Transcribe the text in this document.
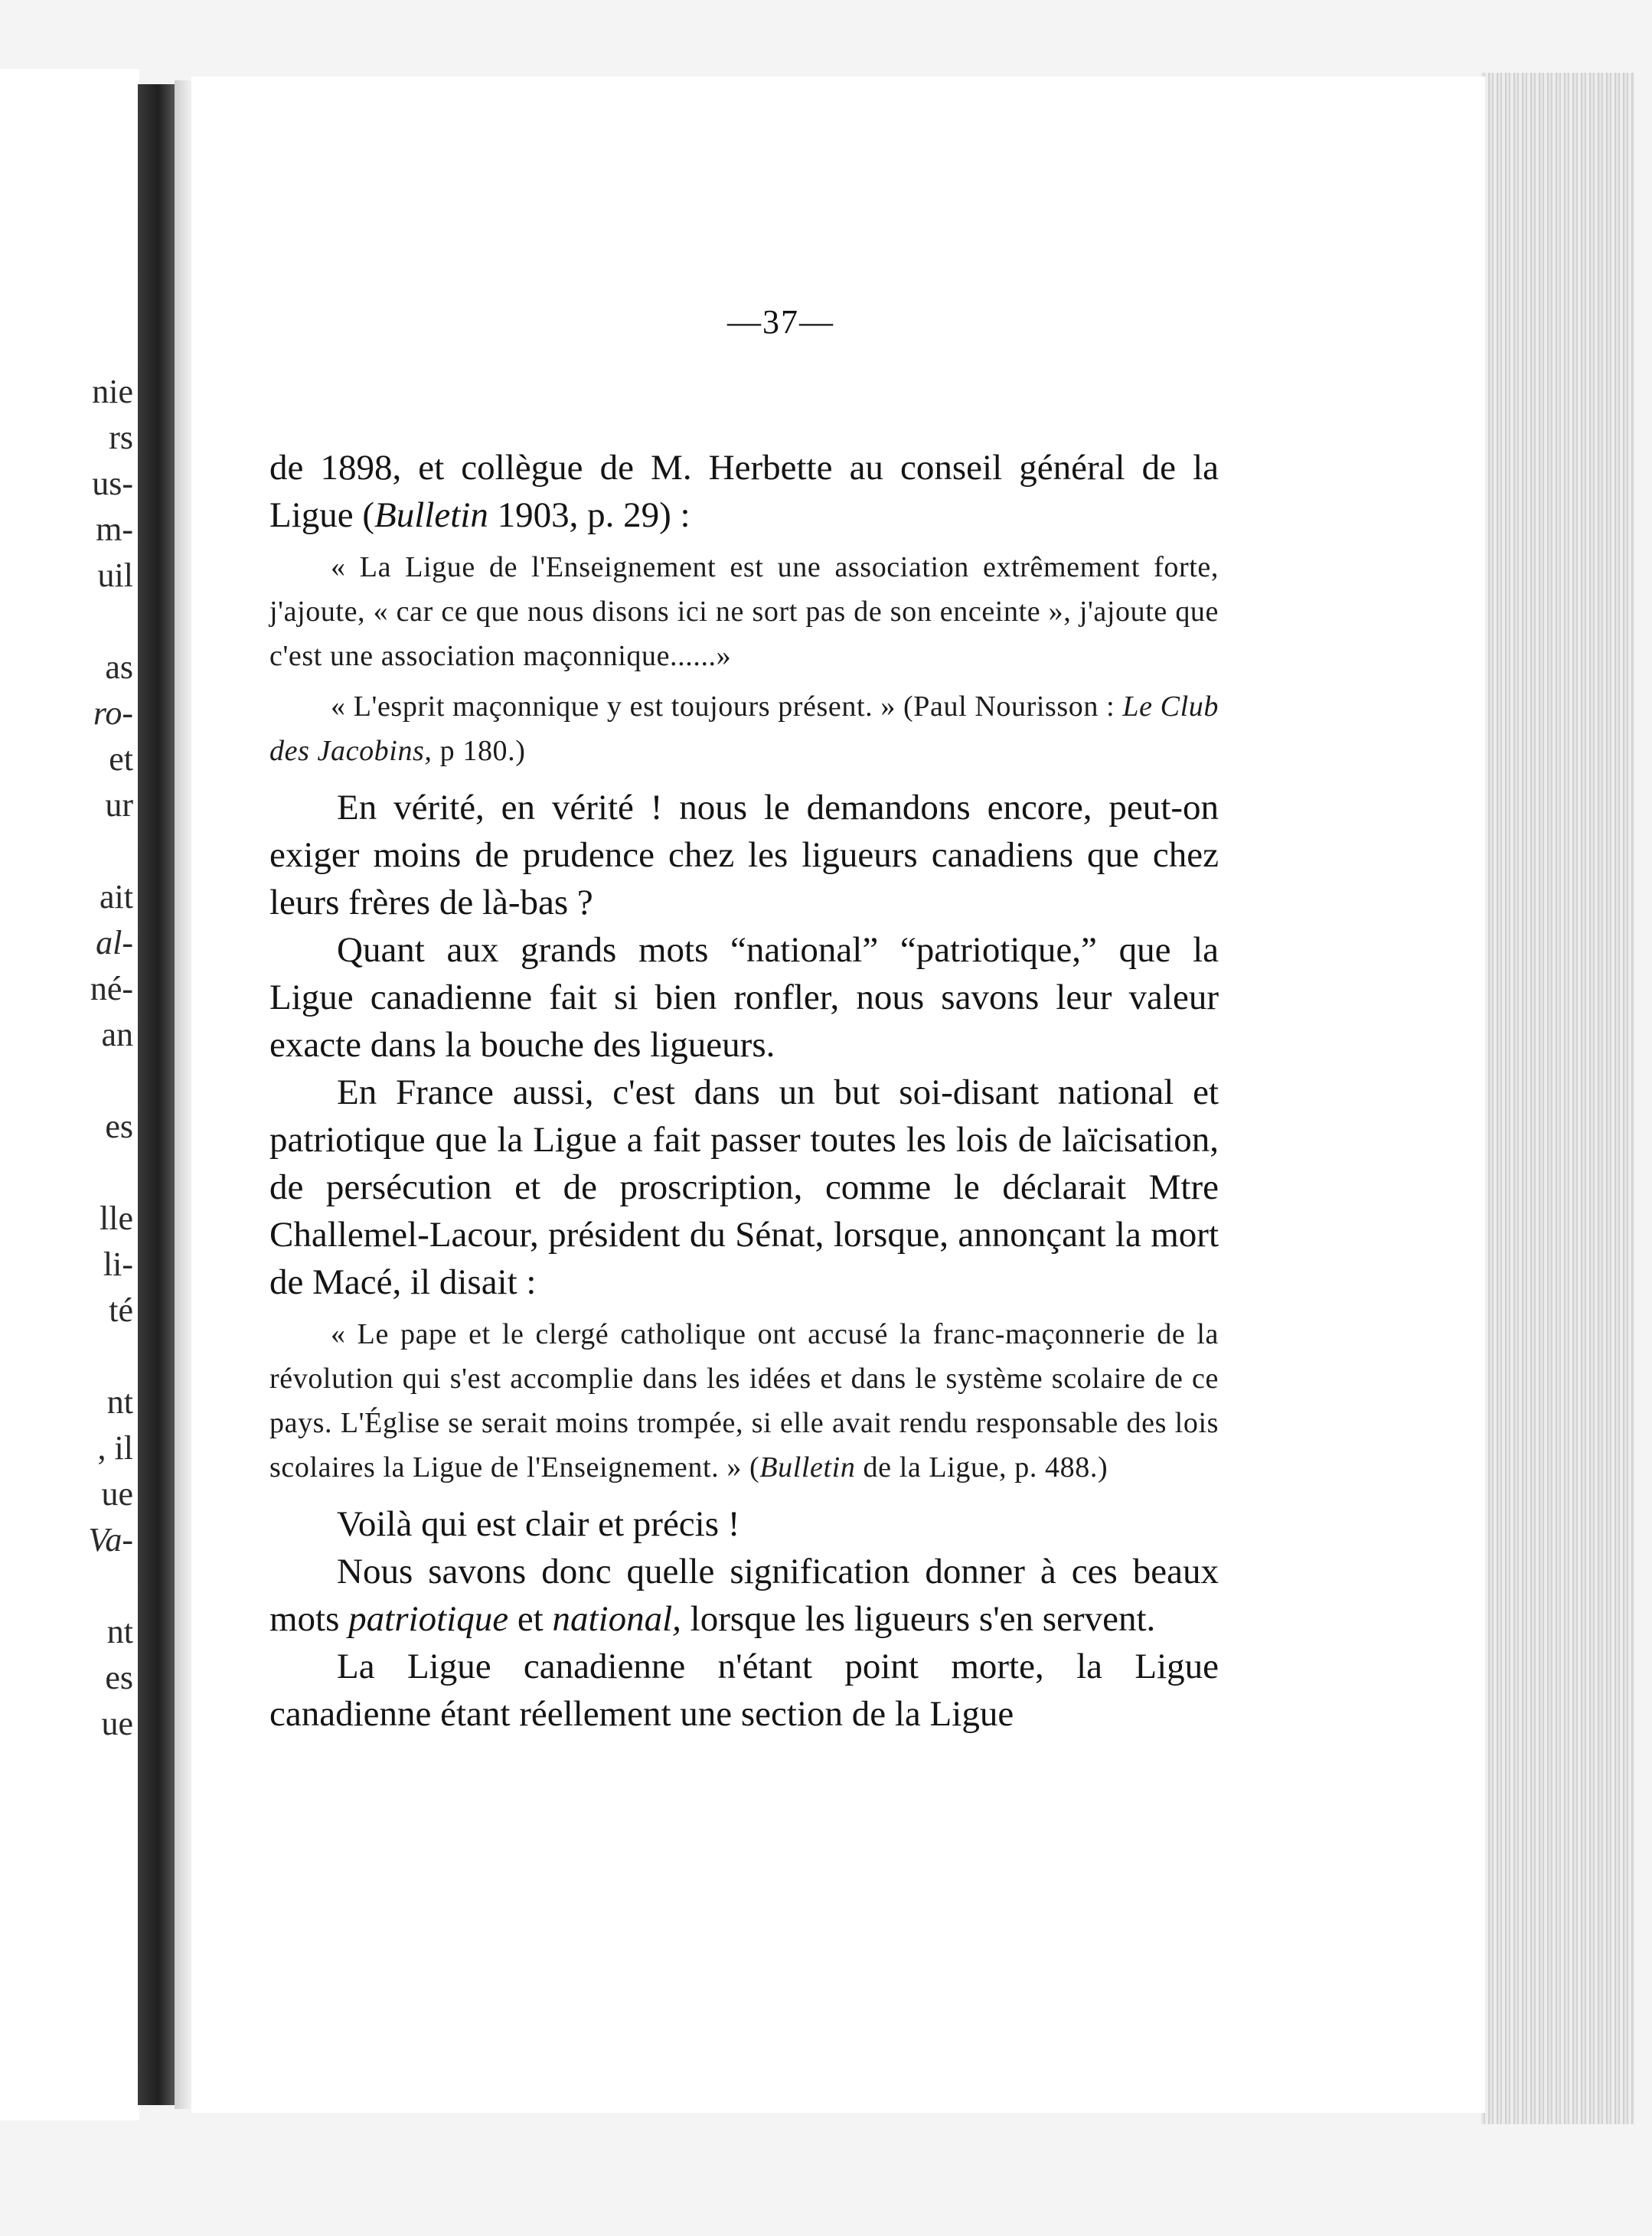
nie
rs
us-
m-
uil
as
ro-
et
ur
ait
al-
né-
an
es
lle
li-
té
nt
, il
ue
Va-
nt
es
ue
—37—

de 1898, et collègue de M. Herbette au conseil général de la Ligue (Bulletin 1903, p. 29) :

« La Ligue de l'Enseignement est une association extrêmement forte, j'ajoute, « car ce que nous disons ici ne sort pas de son enceinte », j'ajoute que c'est une association maçonnique......»

« L'esprit maçonnique y est toujours présent. » (Paul Nourisson : Le Club des Jacobins, p 180.)

En vérité, en vérité ! nous le demandons encore, peut-on exiger moins de prudence chez les ligueurs canadiens que chez leurs frères de là-bas ?

Quant aux grands mots “national” “patriotique,” que la Ligue canadienne fait si bien ronfler, nous savons leur valeur exacte dans la bouche des ligueurs.

En France aussi, c'est dans un but soi-disant national et patriotique que la Ligue a fait passer toutes les lois de laïcisation, de persécution et de proscription, comme le déclarait Mtre Challemel-Lacour, président du Sénat, lorsque, annonçant la mort de Macé, il disait :

« Le pape et le clergé catholique ont accusé la franc-maçonnerie de la révolution qui s'est accomplie dans les idées et dans le système scolaire de ce pays. L'Église se serait moins trompée, si elle avait rendu responsable des lois scolaires la Ligue de l'Enseignement. » (Bulletin de la Ligue, p. 488.)

Voilà qui est clair et précis !

Nous savons donc quelle signification donner à ces beaux mots patriotique et national, lorsque les ligueurs s'en servent.

La Ligue canadienne n'étant point morte, la Ligue canadienne étant réellement une section de la Ligue
